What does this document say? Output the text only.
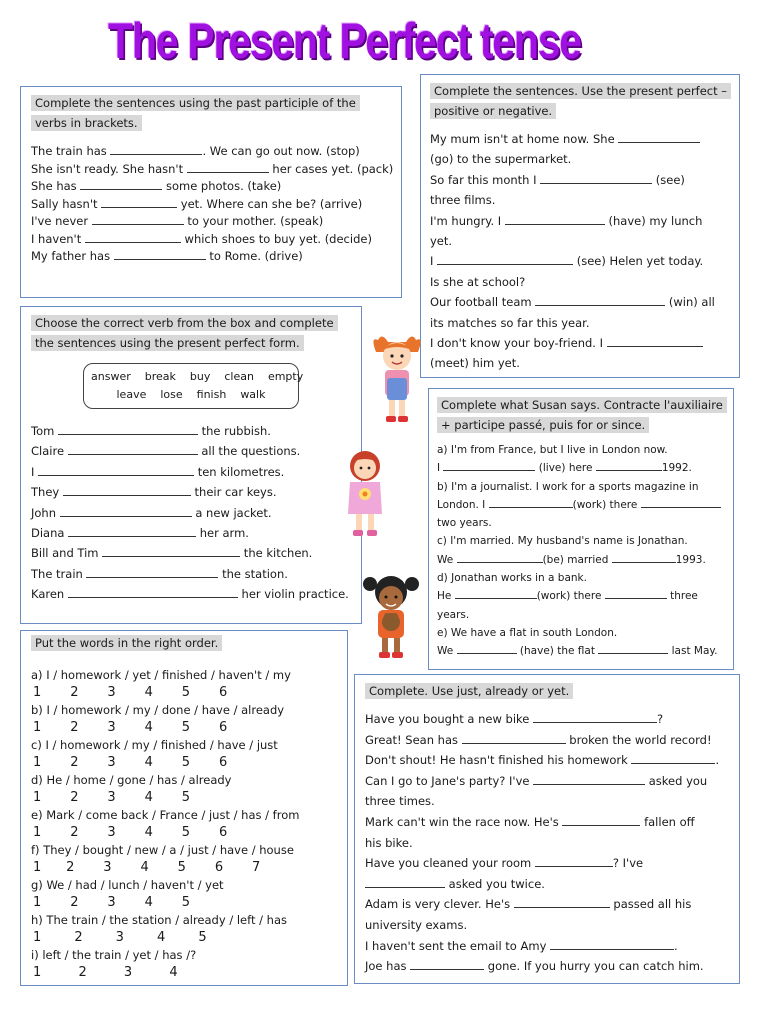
The Present Perfect tense
Complete the sentences using the past participle of the verbs in brackets.
The train has	. We can go out now. (stop)
She isn't ready. She hasn't	her cases yet. (pack)
She has	some photos. (take)
Sally hasn't	yet. Where can she be? (arrive)
I've never	to your mother. (speak)
I haven't	which shoes to buy yet. (decide)
My father has	to Rome. (drive)
Choose the correct verb from the box and complete the sentences using the present perfect form.
answer break buy clean empty
leave lose finish walk
Tom	the rubbish.
Claire	all the questions.
I	ten kilometres.
They	their car keys.
John	a new jacket.
Diana	her arm.
Bill and Tim	the kitchen.
The train	the station.
Karen	her violin practice.
Put the words in the right order.
a) I / homework / yet / finished / haven't / my
1       2       3       4       5       6
b) I / homework / my / done / have / already
1       2       3       4       5       6
c) I / homework / my / finished / have / just
1       2       3       4       5       6
d) He / home / gone / has / already
1       2       3       4       5
e) Mark / come back / France / just / has / from
1       2       3       4       5       6
f) They / bought / new / a / just / have / house
1      2       3       4       5       6       7
g) We / had / lunch / haven't / yet
1       2       3       4       5
h) The train / the station / already / left / has
1        2        3        4        5
i) left / the train / yet / has /?
1         2         3         4
Complete the sentences. Use the present perfect – positive or negative.
My mum isn't at home now. She
(go) to the supermarket.
So far this month I	(see)
three films.
I'm hungry. I	(have) my lunch
yet.
I	(see) Helen yet today.
Is she at school?
Our football team	(win) all
its matches so far this year.
I don't know your boy-friend. I
(meet) him yet.
Complete what Susan says. Contracte l'auxiliaire + participe passé, puis for or since.
a) I'm from France, but I live in London now.
I	(live) here	1992.
b) I'm a journalist. I work for a sports magazine in
London. I	(work) there
two years.
c) I'm married. My husband's name is Jonathan.
We	(be) married	1993.
d) Jonathan works in a bank.
He	(work) there	three
years.
e) We have a flat in south London.
We	(have) the flat	last May.
Complete. Use just, already or yet.
Have you bought a new bike	?
Great! Sean has	broken the world record!
Don't shout! He hasn't finished his homework	.
Can I go to Jane's party? I've	asked you
three times.
Mark can't win the race now. He's	fallen off
his bike.
Have you cleaned your room	? I've
asked you twice.
Adam is very clever. He's	passed all his
university exams.
I haven't sent the email to Amy	.
Joe has	gone. If you hurry you can catch him.
